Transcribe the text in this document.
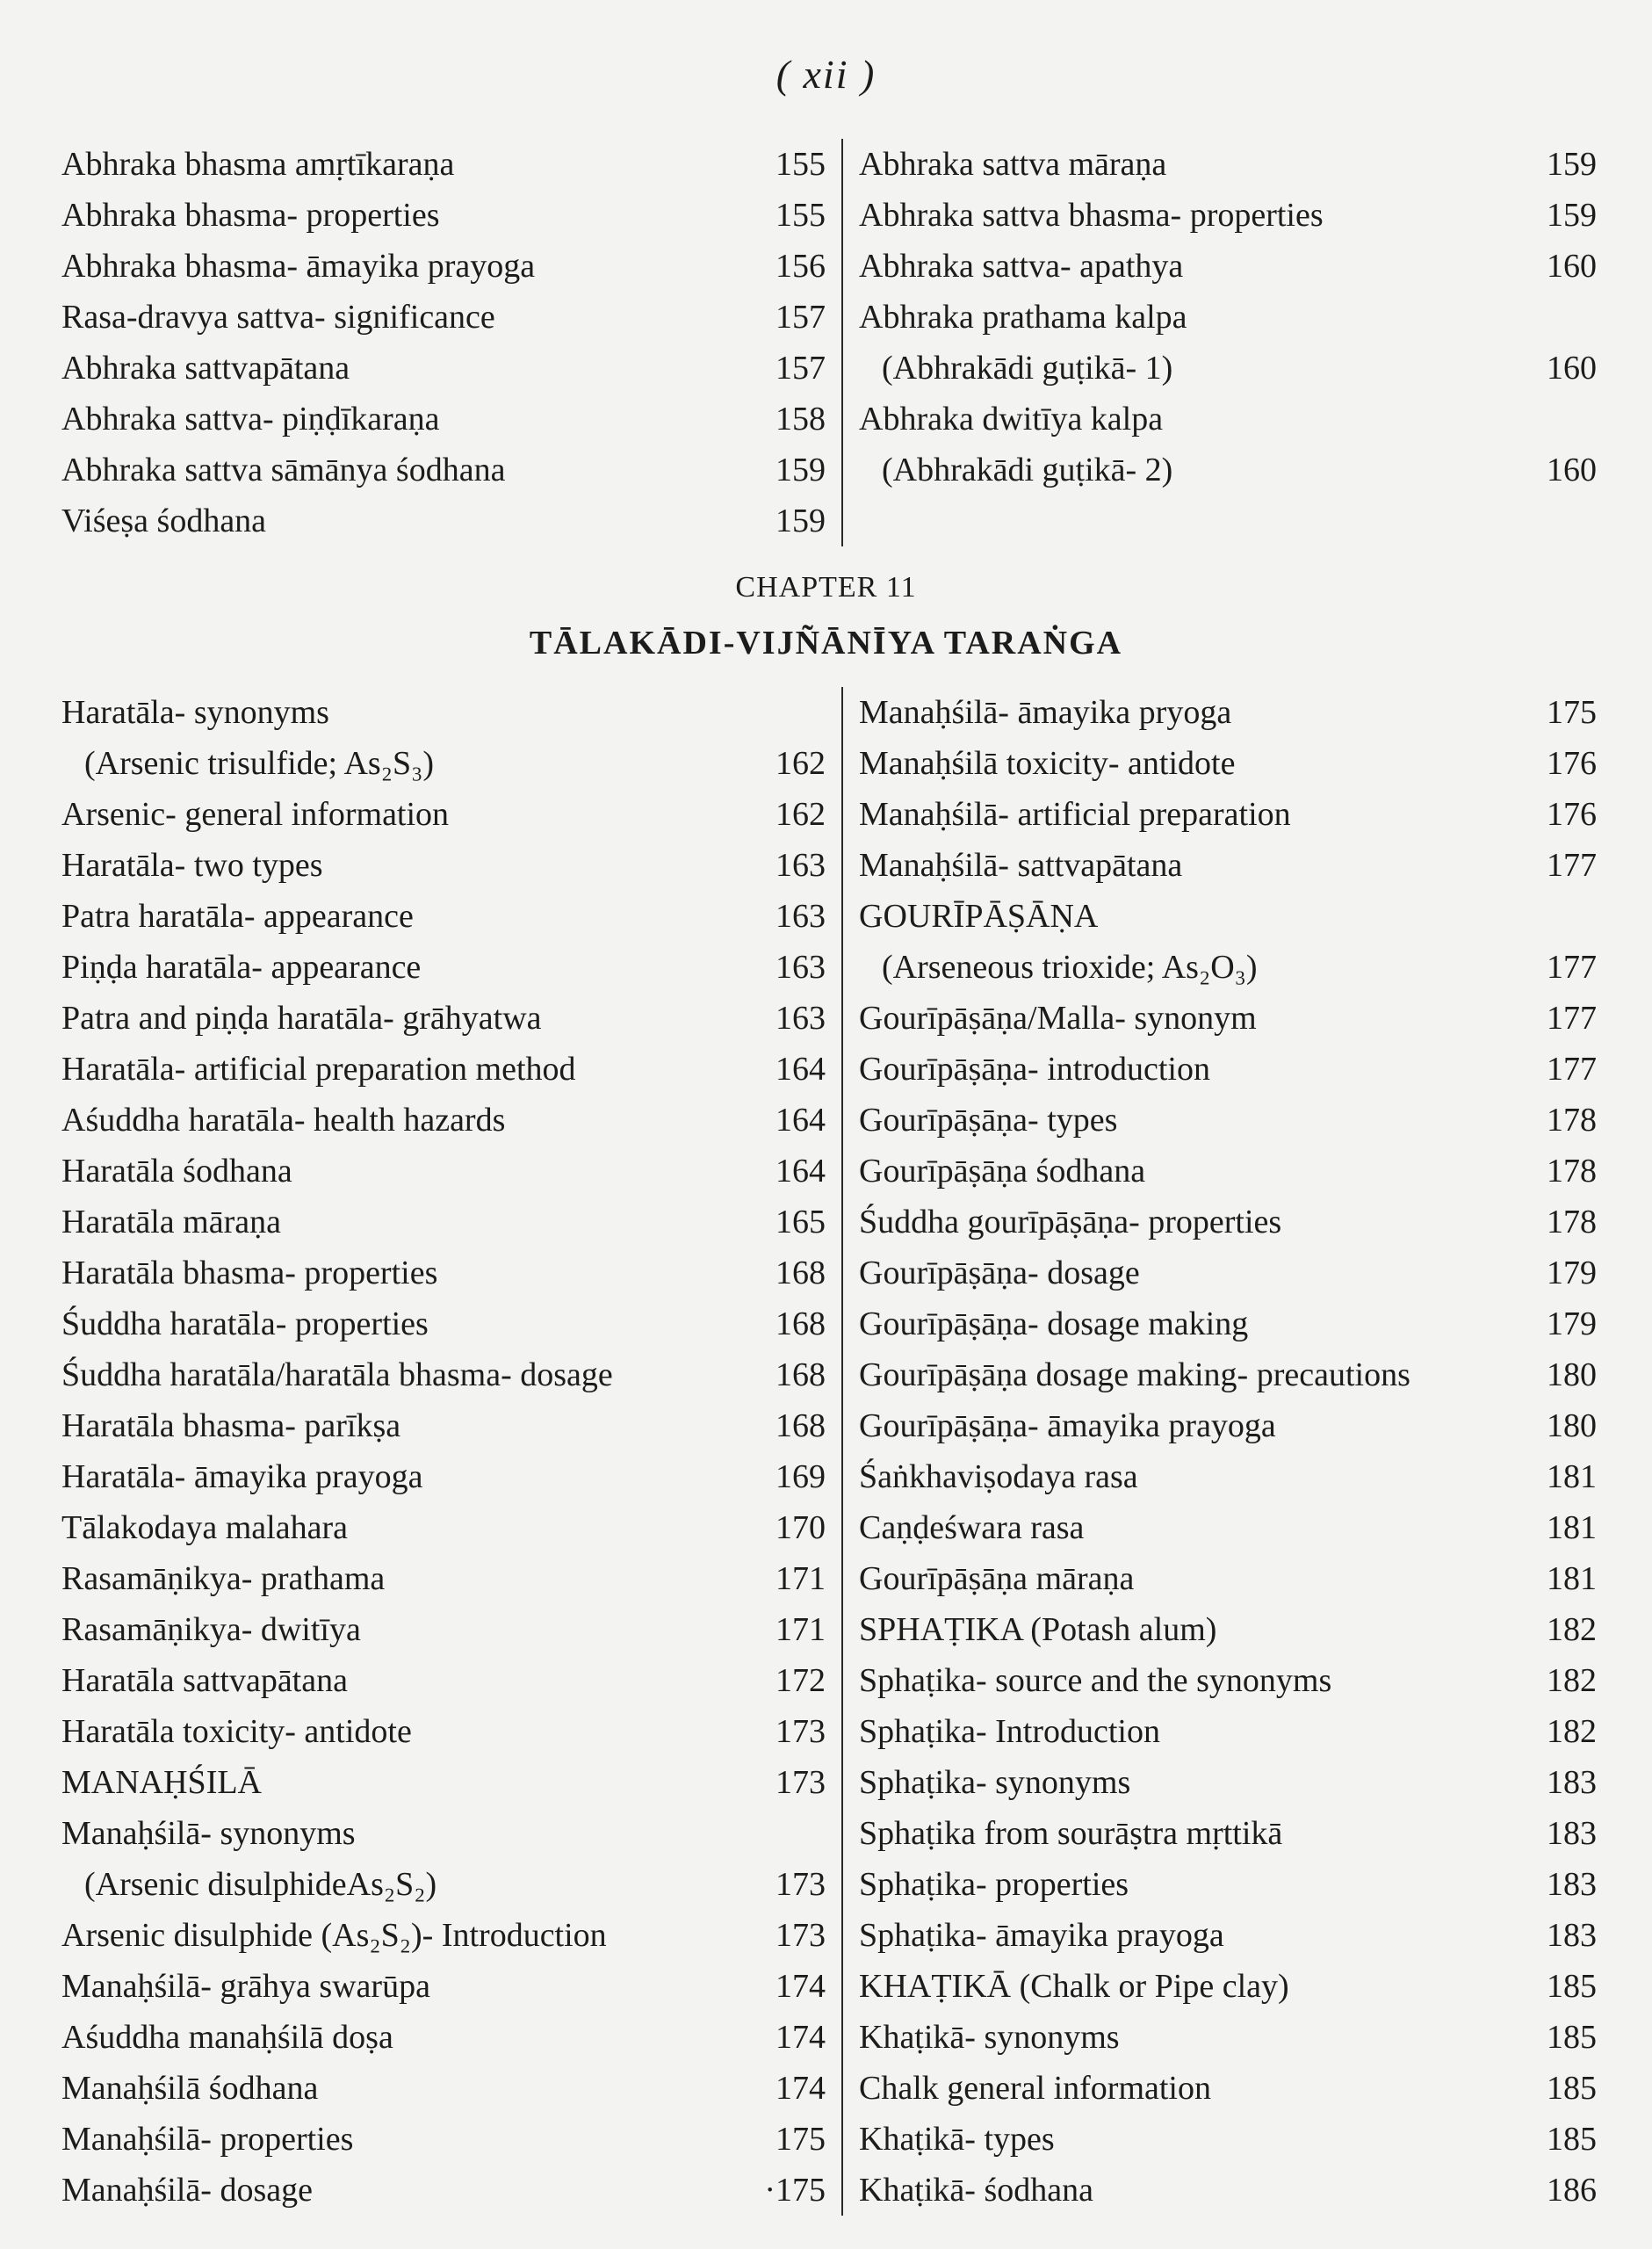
( xii )
Abhraka bhasma amṛtīkaraṇa	155
Abhraka bhasma- properties	155
Abhraka bhasma- āmayika prayoga	156
Rasa-dravya sattva- significance	157
Abhraka sattvapātana	157
Abhraka sattva- piṇḍīkaraṇa	158
Abhraka sattva sāmānya śodhana	159
Viśeṣa śodhana	159
Abhraka sattva māraṇa	159
Abhraka sattva bhasma- properties	159
Abhraka sattva- apathya	160
Abhraka prathama kalpa
(Abhrakādi guṭikā- 1)	160
Abhraka dwitīya kalpa
(Abhrakādi guṭikā- 2)	160
CHAPTER 11
TĀLAKĀDI-VIJÑĀNĪYA TARAṄGA
Haratāla- synonyms
(Arsenic trisulfide; As₂S₃)	162
Arsenic- general information	162
Haratāla- two types	163
Patra haratāla- appearance	163
Piṇḍa haratāla- appearance	163
Patra and piṇḍa haratāla- grāhyatwa	163
Haratāla- artificial preparation method	164
Aśuddha haratāla- health hazards	164
Haratāla śodhana	164
Haratāla māraṇa	165
Haratāla bhasma- properties	168
Śuddha haratāla- properties	168
Śuddha haratāla/haratāla bhasma- dosage	168
Haratāla bhasma- parīkṣa	168
Haratāla- āmayika prayoga	169
Tālakodaya malahara	170
Rasamāṇikya- prathama	171
Rasamāṇikya- dwitīya	171
Haratāla sattvapātana	172
Haratāla toxicity- antidote	173
MANAḤŚILĀ	173
Manaḥśilā- synonyms
(Arsenic disulphideAs₂S₂)	173
Arsenic disulphide (As₂S₂)- Introduction	173
Manaḥśilā- grāhya swarūpa	174
Aśuddha manaḥśilā doṣa	174
Manaḥśilā śodhana	174
Manaḥśilā- properties	175
Manaḥśilā- dosage	·175
Manaḥśilā- āmayika pryoga	175
Manaḥśilā toxicity- antidote	176
Manaḥśilā- artificial preparation	176
Manaḥśilā- sattvapātana	177
GOURĪPĀṢĀṆA
(Arseneous trioxide; As₂O₃)	177
Gourīpāṣāṇa/Malla- synonym	177
Gourīpāṣāṇa- introduction	177
Gourīpāṣāṇa- types	178
Gourīpāṣāṇa śodhana	178
Śuddha gourīpāṣāṇa- properties	178
Gourīpāṣāṇa- dosage	179
Gourīpāṣāṇa- dosage making	179
Gourīpāṣāṇa dosage making- precautions	180
Gourīpāṣāṇa- āmayika prayoga	180
Śaṅkhaviṣodaya rasa	181
Caṇḍeśwara rasa	181
Gourīpāṣāṇa māraṇa	181
SPHAṬIKA (Potash alum)	182
Sphaṭika- source and the synonyms	182
Sphaṭika- Introduction	182
Sphaṭika- synonyms	183
Sphaṭika from sourāṣtra mṛttikā	183
Sphaṭika- properties	183
Sphaṭika- āmayika prayoga	183
KHAṬIKĀ (Chalk or Pipe clay)	185
Khaṭikā- synonyms	185
Chalk general information	185
Khaṭikā- types	185
Khaṭikā- śodhana	186
